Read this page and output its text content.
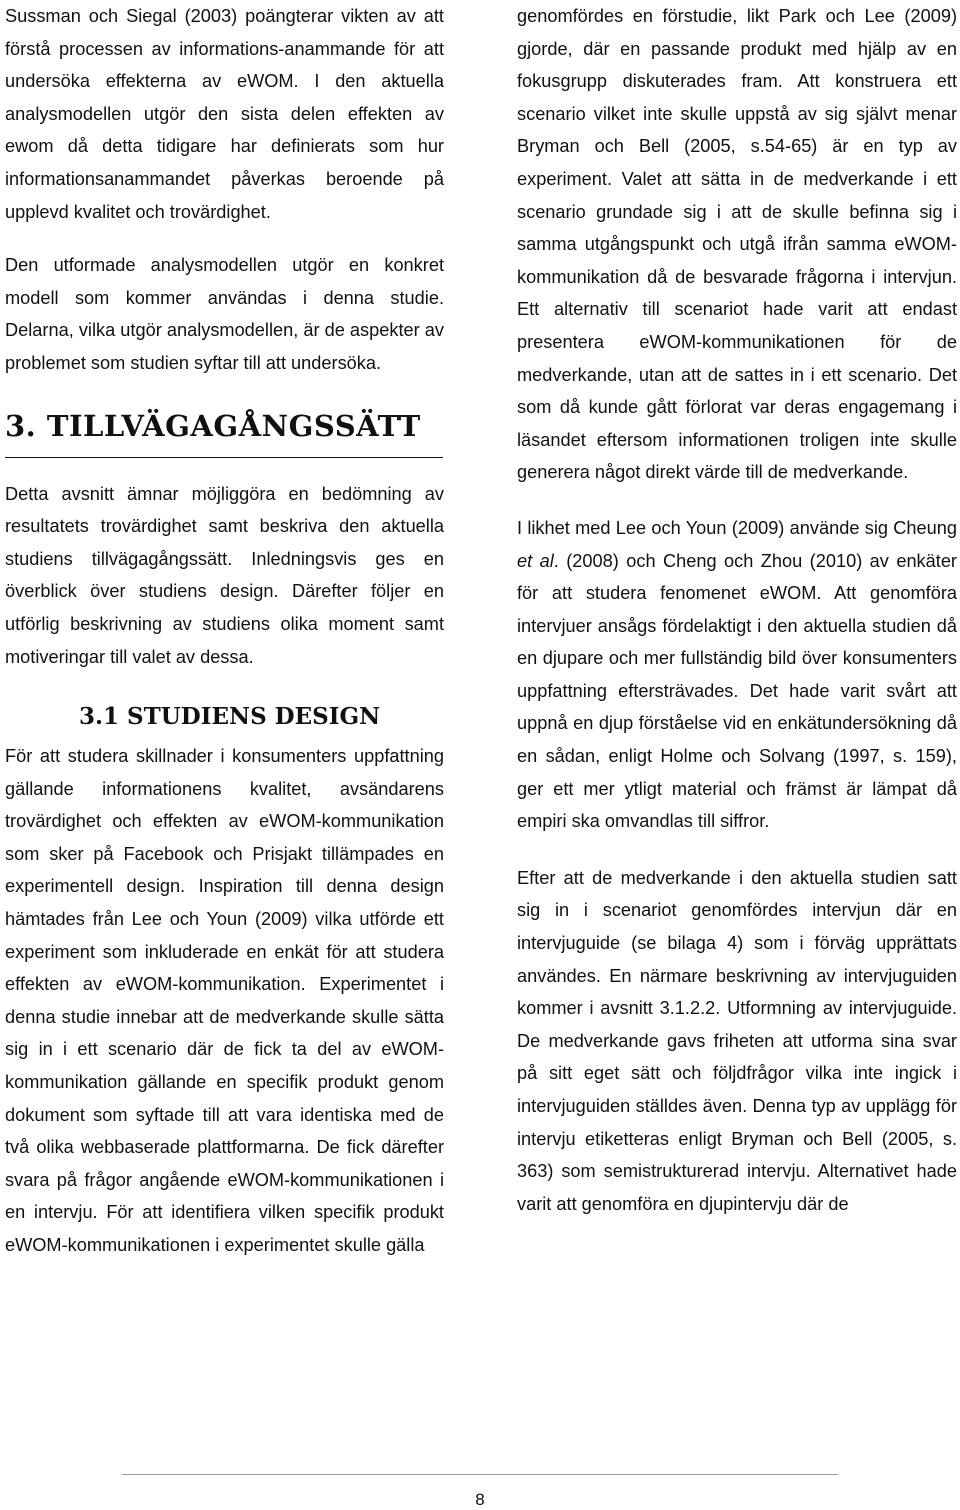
Sussman och Siegal (2003) poängterar vikten av att förstå processen av informations-anammande för att undersöka effekterna av eWOM. I den aktuella analysmodellen utgör den sista delen effekten av ewom då detta tidigare har definierats som hur informationsanammandet påverkas beroende på upplevd kvalitet och trovärdighet.

Den utformade analysmodellen utgör en konkret modell som kommer användas i denna studie. Delarna, vilka utgör analysmodellen, är de aspekter av problemet som studien syftar till att undersöka.

3. TILLVÄGAGÅNGSSÄTT

Detta avsnitt ämnar möjliggöra en bedömning av resultatets trovärdighet samt beskriva den aktuella studiens tillvägagångssätt. Inledningsvis ges en överblick över studiens design. Därefter följer en utförlig beskrivning av studiens olika moment samt motiveringar till valet av dessa.

3.1 STUDIENS DESIGN

För att studera skillnader i konsumenters uppfattning gällande informationens kvalitet, avsändarens trovärdighet och effekten av eWOM-kommunikation som sker på Facebook och Prisjakt tillämpades en experimentell design. Inspiration till denna design hämtades från Lee och Youn (2009) vilka utförde ett experiment som inkluderade en enkät för att studera effekten av eWOM-kommunikation. Experimentet i denna studie innebar att de medverkande skulle sätta sig in i ett scenario där de fick ta del av eWOM-kommunikation gällande en specifik produkt genom dokument som syftade till att vara identiska med de två olika webbaserade plattformarna. De fick därefter svara på frågor angående eWOM-kommunikationen i en intervju. För att identifiera vilken specifik produkt eWOM-kommunikationen i experimentet skulle gälla

genomfördes en förstudie, likt Park och Lee (2009) gjorde, där en passande produkt med hjälp av en fokusgrupp diskuterades fram. Att konstruera ett scenario vilket inte skulle uppstå av sig självt menar Bryman och Bell (2005, s.54-65) är en typ av experiment. Valet att sätta in de medverkande i ett scenario grundade sig i att de skulle befinna sig i samma utgångspunkt och utgå ifrån samma eWOM-kommunikation då de besvarade frågorna i intervjun. Ett alternativ till scenariot hade varit att endast presentera eWOM-kommunikationen för de medverkande, utan att de sattes in i ett scenario. Det som då kunde gått förlorat var deras engagemang i läsandet eftersom informationen troligen inte skulle generera något direkt värde till de medverkande.

I likhet med Lee och Youn (2009) använde sig Cheung et al. (2008) och Cheng och Zhou (2010) av enkäter för att studera fenomenet eWOM. Att genomföra intervjuer ansågs fördelaktigt i den aktuella studien då en djupare och mer fullständig bild över konsumenters uppfattning eftersträvades. Det hade varit svårt att uppnå en djup förståelse vid en enkätundersökning då en sådan, enligt Holme och Solvang (1997, s. 159), ger ett mer ytligt material och främst är lämpat då empiri ska omvandlas till siffror.

Efter att de medverkande i den aktuella studien satt sig in i scenariot genomfördes intervjun där en intervjuguide (se bilaga 4) som i förväg upprättats användes. En närmare beskrivning av intervjuguiden kommer i avsnitt 3.1.2.2. Utformning av intervjuguide. De medverkande gavs friheten att utforma sina svar på sitt eget sätt och följdfrågor vilka inte ingick i intervjuguiden ställdes även. Denna typ av upplägg för intervju etiketteras enligt Bryman och Bell (2005, s. 363) som semistrukturerad intervju. Alternativet hade varit att genomföra en djupintervju där de

8
